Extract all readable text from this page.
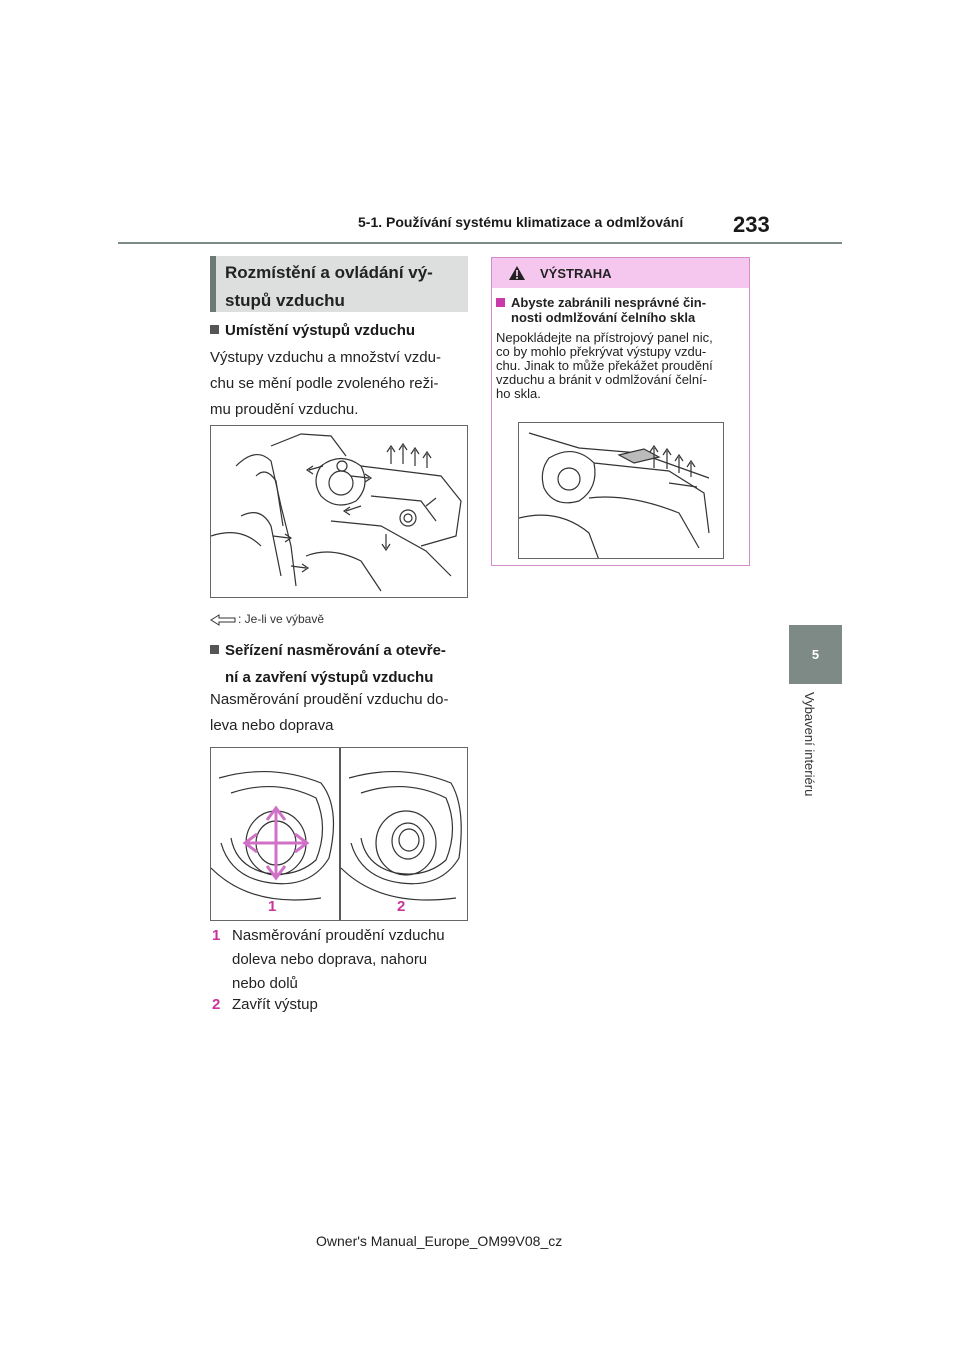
5-1. Používání systému klimatizace a odmlžování 233
5
Vybavení interiéru
Rozmístění a ovládání vý-
stupů vzduchu
Umístění výstupů vzduchu
Výstupy vzduchu a množství vzdu-
chu se mění podle zvoleného reži-
mu proudění vzduchu.
: Je-li ve výbavě
Seřízení nasměrování a otevře-
ní a zavření výstupů vzduchu
Nasměrování proudění vzduchu do-
leva nebo doprava
1	2
1 Nasměrování proudění vzduchu
doleva nebo doprava, nahoru
nebo dolů
2 Zavřít výstup
VÝSTRAHA
Abyste zabránili nesprávné čin-
nosti odmlžování čelního skla
Nepokládejte na přístrojový panel nic,
co by mohlo překrývat výstupy vzdu-
chu. Jinak to může překážet proudění
vzduchu a bránit v odmlžování čelní-
ho skla.
Owner's Manual_Europe_OM99V08_cz
